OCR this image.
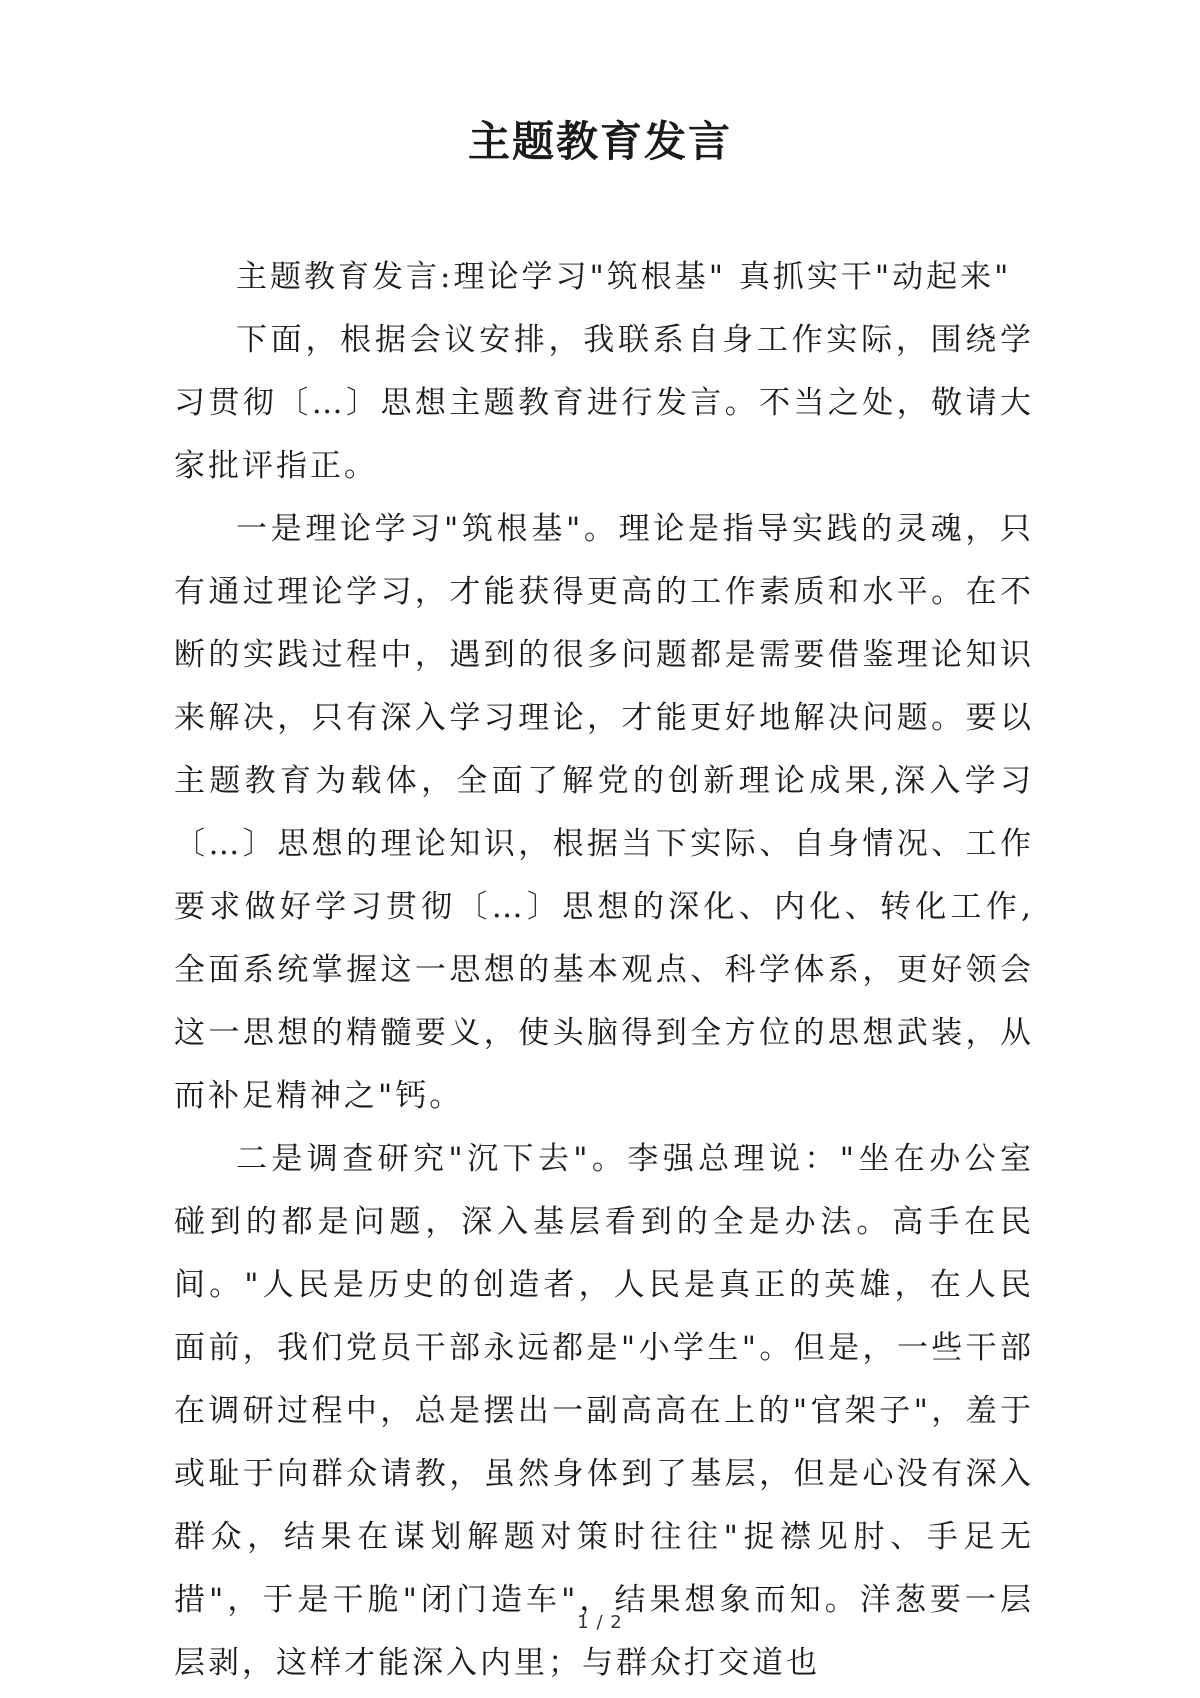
主题教育发言

主题教育发言:理论学习"筑根基" 真抓实干"动起来"

下面，根据会议安排，我联系自身工作实际，围绕学习贯彻〔…〕思想主题教育进行发言。不当之处，敬请大家批评指正。

一是理论学习"筑根基"。理论是指导实践的灵魂，只有通过理论学习，才能获得更高的工作素质和水平。在不断的实践过程中，遇到的很多问题都是需要借鉴理论知识来解决，只有深入学习理论，才能更好地解决问题。要以主题教育为载体，全面了解党的创新理论成果,深入学习〔…〕思想的理论知识，根据当下实际、自身情况、工作要求做好学习贯彻〔…〕思想的深化、内化、转化工作,全面系统掌握这一思想的基本观点、科学体系，更好领会这一思想的精髓要义，使头脑得到全方位的思想武装，从而补足精神之"钙。

二是调查研究"沉下去"。李强总理说："坐在办公室碰到的都是问题，深入基层看到的全是办法。高手在民间。"人民是历史的创造者，人民是真正的英雄，在人民面前，我们党员干部永远都是"小学生"。但是，一些干部在调研过程中，总是摆出一副高高在上的"官架子"，羞于或耻于向群众请教，虽然身体到了基层，但是心没有深入群众，结果在谋划解题对策时往往"捉襟见肘、手足无措"，于是干脆"闭门造车"，结果想象而知。洋葱要一层层剥，这样才能深入内里；与群众打交道也

1 / 2
